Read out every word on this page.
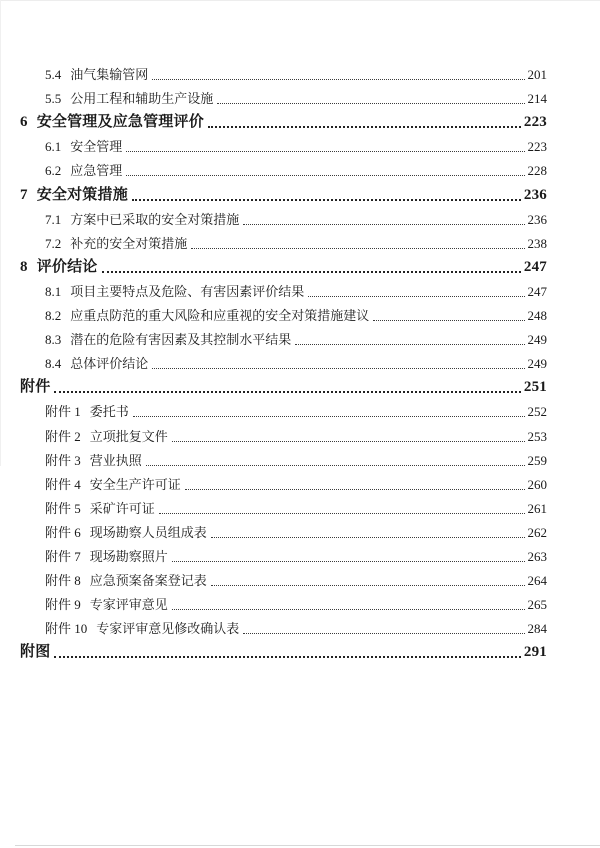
5.4 油气集输管网	201
5.5 公用工程和辅助生产设施	214
6 安全管理及应急管理评价	223
6.1 安全管理	223
6.2 应急管理	228
7 安全对策措施	236
7.1 方案中已采取的安全对策措施	236
7.2 补充的安全对策措施	238
8 评价结论	247
8.1 项目主要特点及危险、有害因素评价结果	247
8.2 应重点防范的重大风险和应重视的安全对策措施建议	248
8.3 潜在的危险有害因素及其控制水平结果	249
8.4 总体评价结论	249
附件	251
附件 1 委托书	252
附件 2 立项批复文件	253
附件 3 营业执照	259
附件 4 安全生产许可证	260
附件 5 采矿许可证	261
附件 6 现场勘察人员组成表	262
附件 7 现场勘察照片	263
附件 8 应急预案备案登记表	264
附件 9 专家评审意见	265
附件 10 专家评审意见修改确认表	284
附图	291
